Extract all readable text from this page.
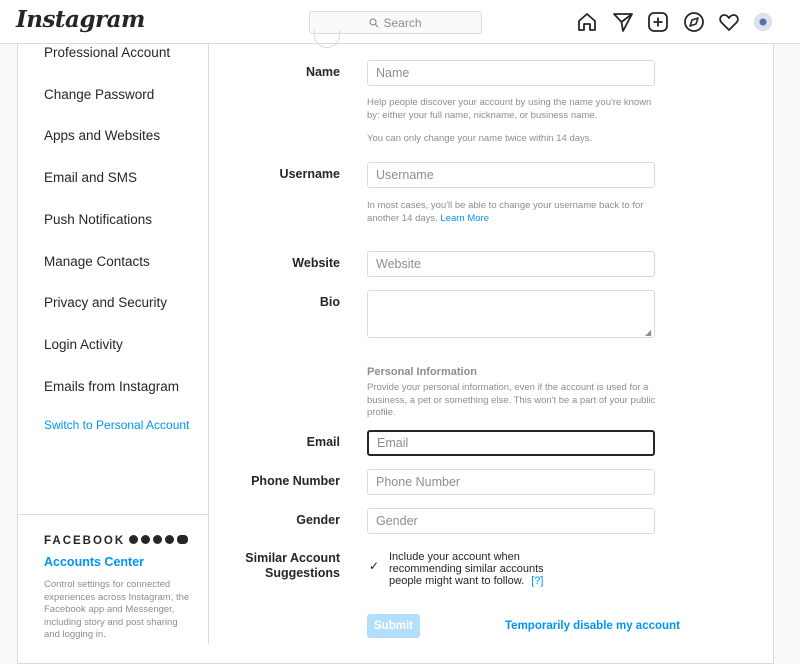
Instagram	Search
Professional Account
Change Password
Apps and Websites
Email and SMS
Push Notifications
Manage Contacts
Privacy and Security
Login Activity
Emails from Instagram
Switch to Personal Account
FACEBOOK
Accounts Center
Control settings for connected experiences across Instagram, the Facebook app and Messenger, including story and post sharing and logging in.
Name
Name
Help people discover your account by using the name you're known by: either your full name, nickname, or business name.
You can only change your name twice within 14 days.
Username
Username
In most cases, you'll be able to change your username back to for another 14 days. Learn More
Website
Website
Bio
◢
Personal Information
Provide your personal information, even if the account is used for a business, a pet or something else. This won't be a part of your public profile.
Email
Email
Phone Number
Phone Number
Gender
Gender
Similar Account
Suggestions ✓
Include your account when recommending similar accounts people might want to follow. [?]
Submit	Temporarily disable my account
